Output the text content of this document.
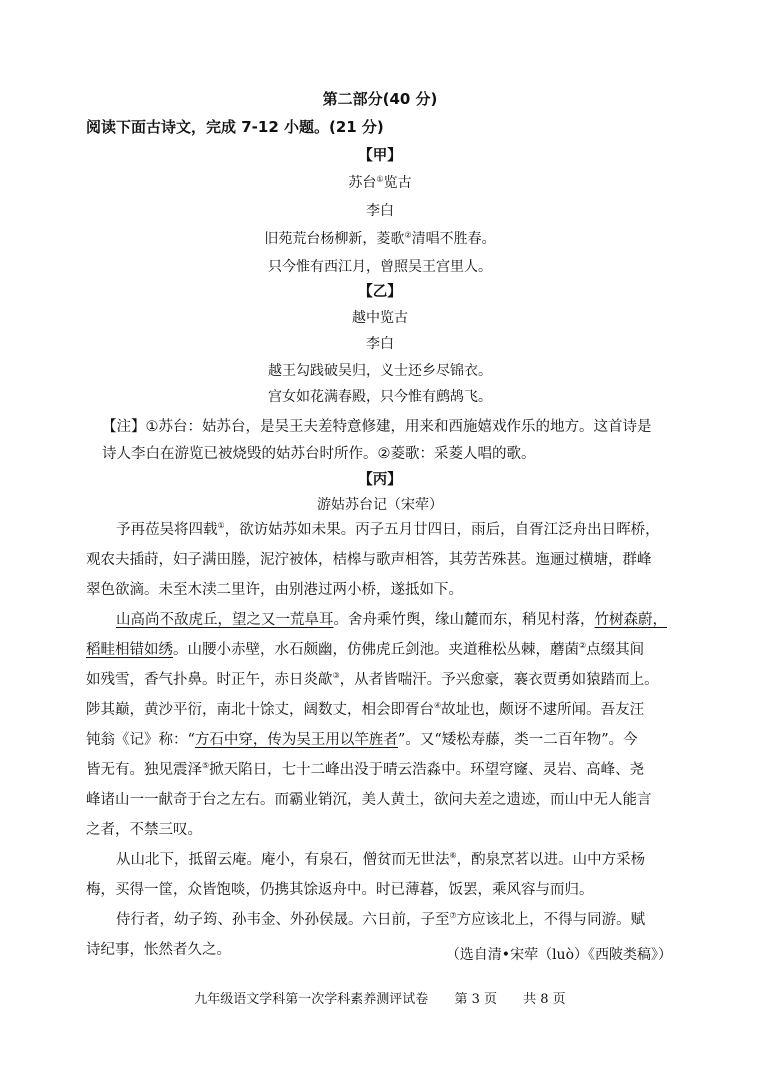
第二部分(40 分)
阅读下面古诗文，完成 7-12 小题。(21 分)
【甲】
苏台①览古
李白
旧苑荒台杨柳新，菱歌②清唱不胜春。
只今惟有西江月，曾照吴王宫里人。
【乙】
越中览古
李白
越王勾践破吴归，义士还乡尽锦衣。
宫女如花满春殿，只今惟有鹧鸪飞。
【注】①苏台：姑苏台，是吴王夫差特意修建，用来和西施嬉戏作乐的地方。这首诗是
诗人李白在游览已被烧毁的姑苏台时所作。②菱歌：采菱人唱的歌。
【丙】
游姑苏台记（宋荦）
予再莅吴将四载①，欲访姑苏如未果。丙子五月廿四日，雨后，自胥江泛舟出日晖桥，
观农夫插莳，妇子满田塍，泥泞被体，桔槔与歌声相答，其劳苦殊甚。迤逦过横塘，群峰
翠色欲滴。未至木渎二里许，由别港过两小桥，遂抵如下。
山高尚不敌虎丘，望之又一荒阜耳。舍舟乘竹舆，缘山麓而东，稍见村落，竹树森蔚，
稻畦相错如绣。山腰小赤壁，水石颇幽，仿佛虎丘剑池。夹道稚松丛棘，蘑菌②点缀其间
如残雪，香气扑鼻。时正午，赤日炎歊③，从者皆喘汗。予兴愈豪，褰衣贾勇如猿踏而上。
陟其巅，黄沙平衍，南北十馀丈，阔数丈，相会即胥台④故址也，颇讶不逮所闻。吾友汪
钝翁《记》称：“方石中穿，传为吴王用以竿旌者”。又“矮松寿藤，类一二百年物”。今
皆无有。独见震泽⑤掀天陷日，七十二峰出没于晴云浩淼中。环望穹窿、灵岩、高峰、尧
峰诸山一一献奇于台之左右。而霸业销沉，美人黄土，欲问夫差之遗迹，而山中无人能言
之者，不禁三叹。
从山北下，抵留云庵。庵小，有泉石，僧贫而无世法⑥，酌泉烹茗以进。山中方采杨
梅，买得一筐，众皆饱啖，仍携其馀返舟中。时已薄暮，饭罢，乘风容与而归。
侍行者，幼子筠、孙韦金、外孙侯晟。六日前，子至⑦方应该北上，不得与同游。赋
诗纪事，怅然者久之。	（选自清•宋荦（luò）《西陂类稿》）
九年级语文学科第一次学科素养测评试卷 第 3 页 共 8 页
